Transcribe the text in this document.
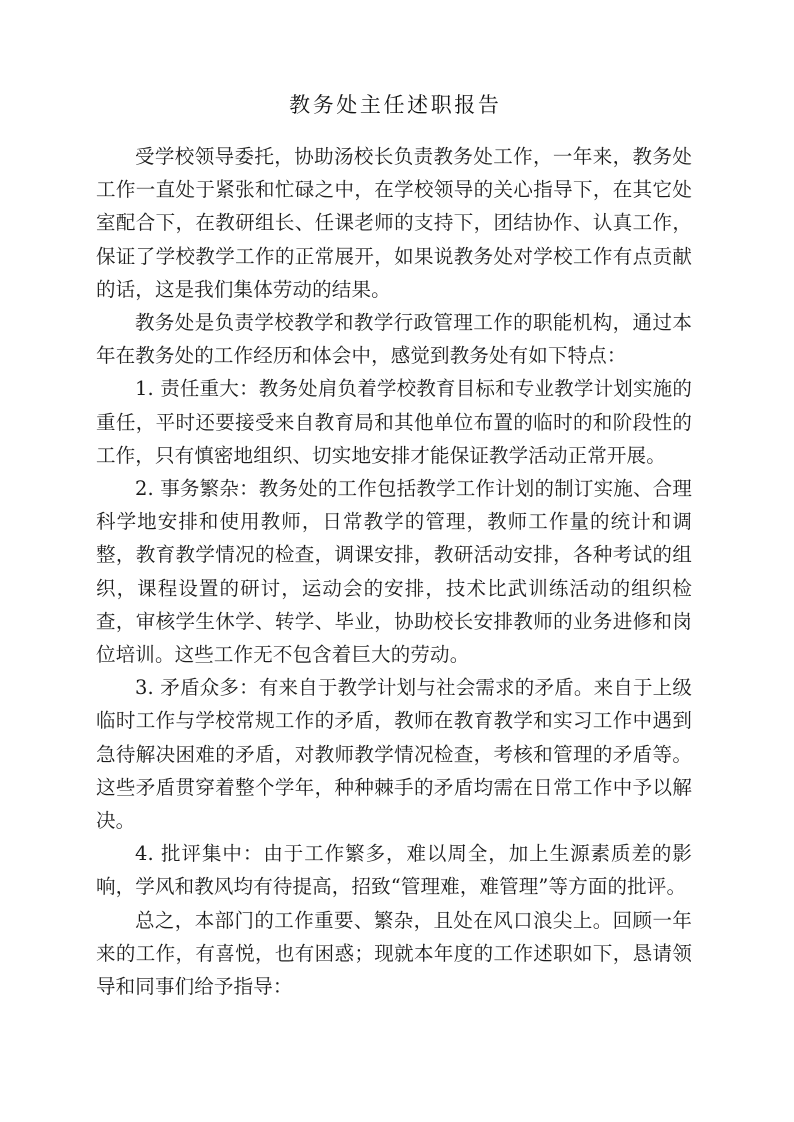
教务处主任述职报告

受学校领导委托，协助汤校长负责教务处工作，一年来，教务处工作一直处于紧张和忙碌之中，在学校领导的关心指导下，在其它处室配合下，在教研组长、任课老师的支持下，团结协作、认真工作，保证了学校教学工作的正常展开，如果说教务处对学校工作有点贡献的话，这是我们集体劳动的结果。

教务处是负责学校教学和教学行政管理工作的职能机构，通过本年在教务处的工作经历和体会中，感觉到教务处有如下特点：

1. 责任重大：教务处肩负着学校教育目标和专业教学计划实施的重任，平时还要接受来自教育局和其他单位布置的临时的和阶段性的工作，只有慎密地组织、切实地安排才能保证教学活动正常开展。

2. 事务繁杂：教务处的工作包括教学工作计划的制订实施、合理科学地安排和使用教师，日常教学的管理，教师工作量的统计和调整，教育教学情况的检查，调课安排，教研活动安排，各种考试的组织，课程设置的研讨，运动会的安排，技术比武训练活动的组织检查，审核学生休学、转学、毕业，协助校长安排教师的业务进修和岗位培训。这些工作无不包含着巨大的劳动。

3. 矛盾众多：有来自于教学计划与社会需求的矛盾。来自于上级临时工作与学校常规工作的矛盾，教师在教育教学和实习工作中遇到急待解决困难的矛盾，对教师教学情况检查，考核和管理的矛盾等。这些矛盾贯穿着整个学年，种种棘手的矛盾均需在日常工作中予以解决。

4. 批评集中：由于工作繁多，难以周全，加上生源素质差的影响，学风和教风均有待提高，招致“管理难，难管理”等方面的批评。

总之，本部门的工作重要、繁杂，且处在风口浪尖上。回顾一年来的工作，有喜悦，也有困惑；现就本年度的工作述职如下，恳请领导和同事们给予指导：
